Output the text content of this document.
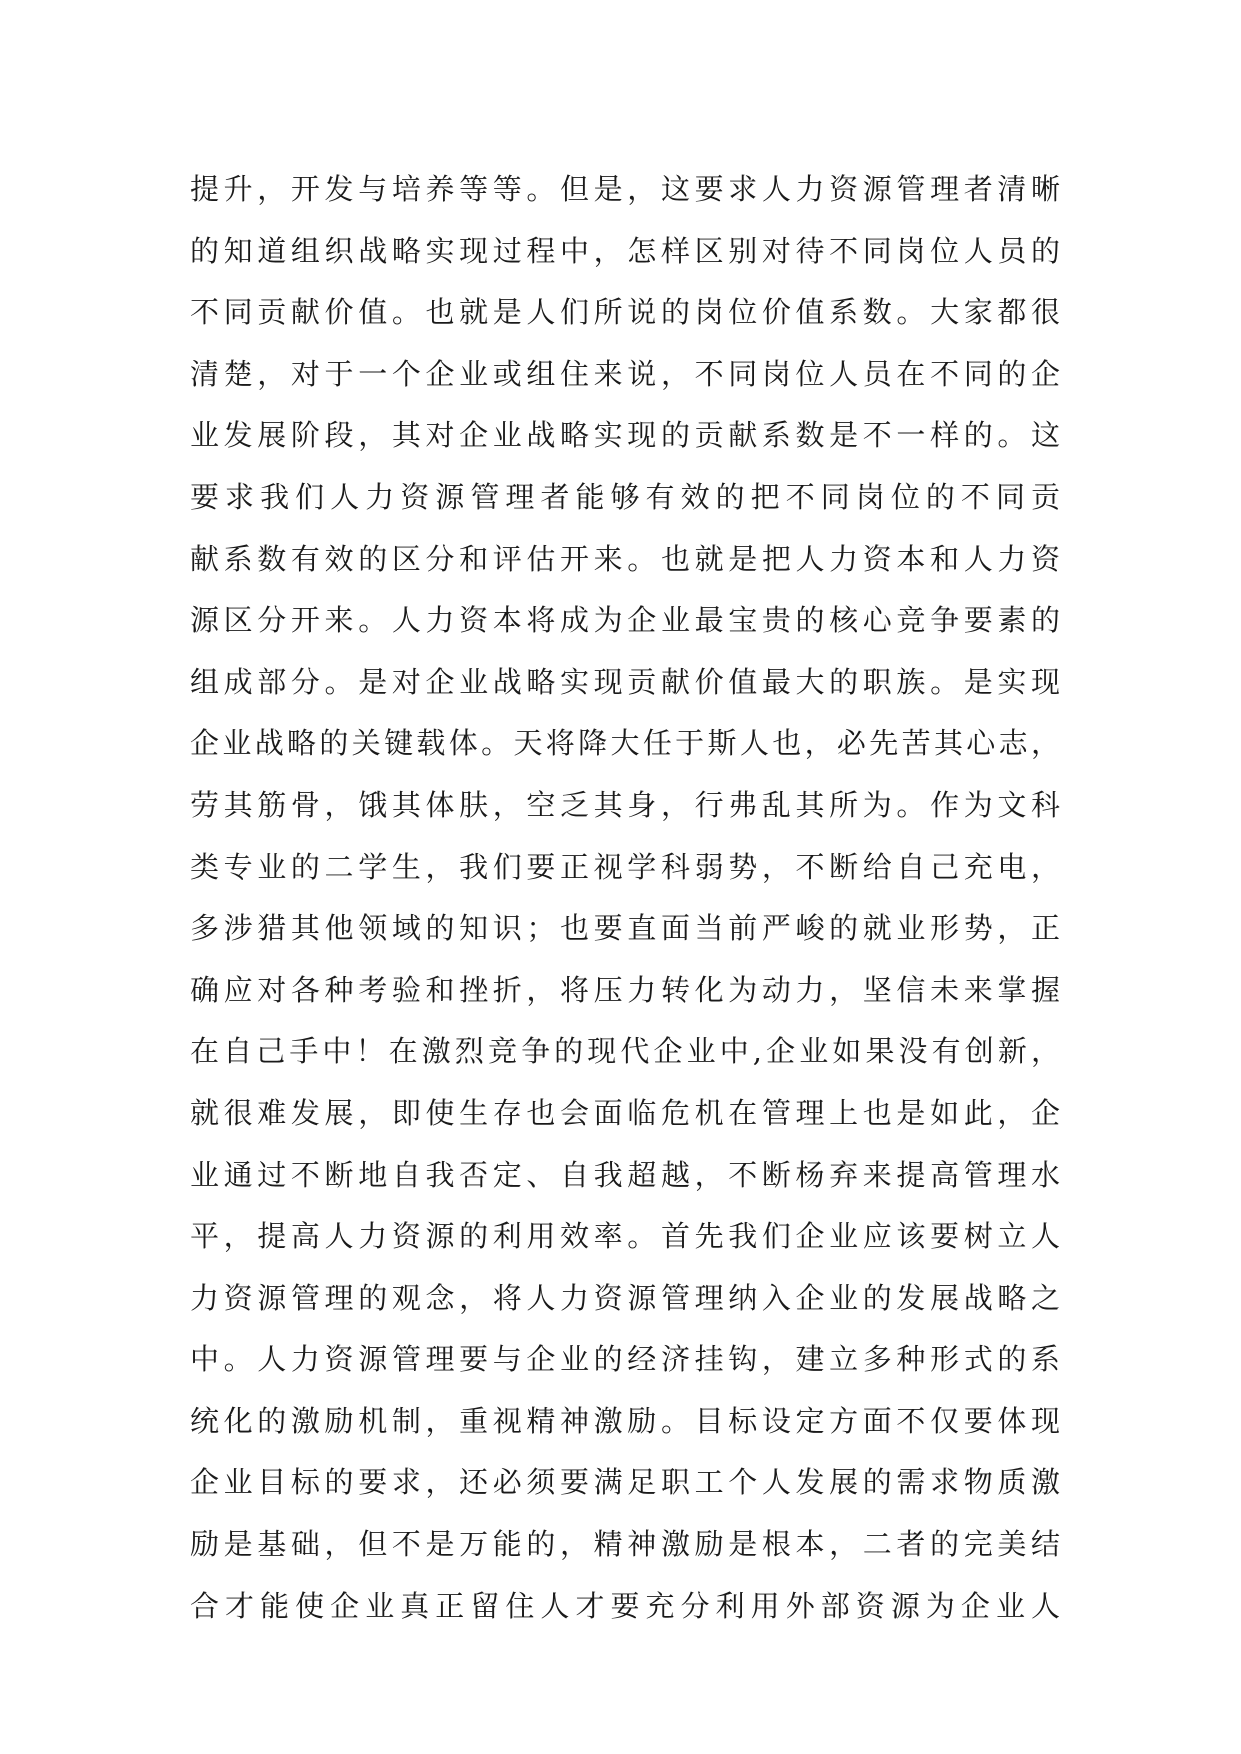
提升，开发与培养等等。但是，这要求人力资源管理者清晰
的知道组织战略实现过程中，怎样区别对待不同岗位人员的
不同贡献价值。也就是人们所说的岗位价值系数。大家都很
清楚，对于一个企业或组住来说，不同岗位人员在不同的企
业发展阶段，其对企业战略实现的贡献系数是不一样的。这
要求我们人力资源管理者能够有效的把不同岗位的不同贡
献系数有效的区分和评估开来。也就是把人力资本和人力资
源区分开来。人力资本将成为企业最宝贵的核心竞争要素的
组成部分。是对企业战略实现贡献价值最大的职族。是实现
企业战略的关键载体。天将降大任于斯人也，必先苦其心志，
劳其筋骨，饿其体肤，空乏其身，行弗乱其所为。作为文科
类专业的二学生，我们要正视学科弱势，不断给自己充电，
多涉猎其他领域的知识；也要直面当前严峻的就业形势，正
确应对各种考验和挫折，将压力转化为动力，坚信未来掌握
在自己手中！在激烈竞争的现代企业中,企业如果没有创新，
就很难发展，即使生存也会面临危机在管理上也是如此，企
业通过不断地自我否定、自我超越，不断杨弃来提高管理水
平，提高人力资源的利用效率。首先我们企业应该要树立人
力资源管理的观念，将人力资源管理纳入企业的发展战略之
中。人力资源管理要与企业的经济挂钩，建立多种形式的系
统化的激励机制，重视精神激励。目标设定方面不仅要体现
企业目标的要求，还必须要满足职工个人发展的需求物质激
励是基础，但不是万能的，精神激励是根本，二者的完美结
合才能使企业真正留住人才要充分利用外部资源为企业人
